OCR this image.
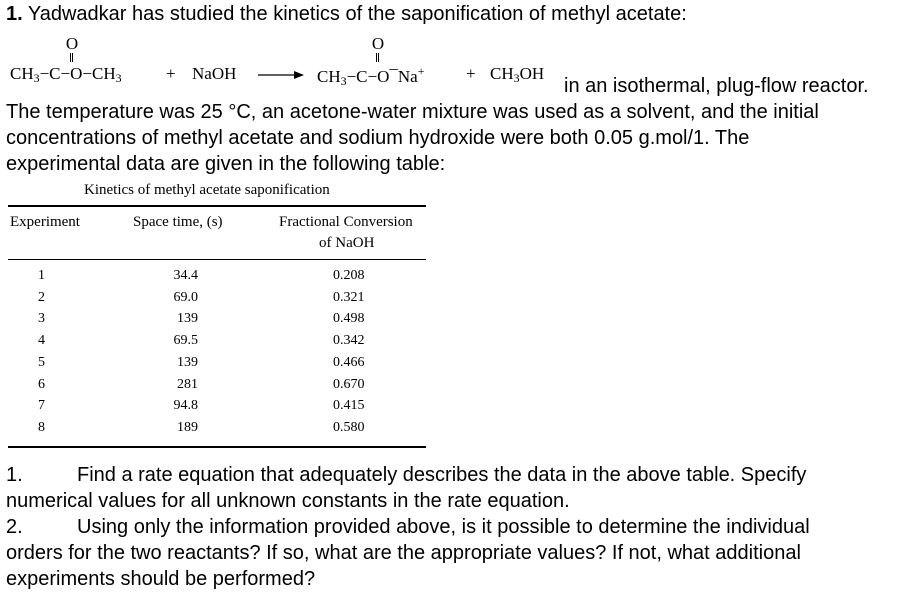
1. Yadwadkar has studied the kinetics of the saponification of methyl acetate:
O
$CH_3-C-O-CH_3$	+ NaOH →
O
$CH_3-C-O¯Na^+ + CH_3OH$
in an isothermal, plug-flow reactor.
The temperature was 25 °C, an acetone-water mixture was used as a solvent, and the initial
concentrations of methyl acetate and sodium hydroxide were both 0.05 g.mol/1. The
experimental data are given in the following table:
Kinetics of methyl acetate saponification
Experiment	Space time, (s)	Fractional Conversion
of NaOH
1	34.4	0.208
2	69.0	0.321
3	139	0.498
4	69.5	0.342
5	139	0.466
6	281	0.670
7	94.8	0.415
8	189	0.580
1.	Find a rate equation that adequately describes the data in the above table. Specify
numerical values for all unknown constants in the rate equation.
2.	Using only the information provided above, is it possible to determine the individual
orders for the two reactants? If so, what are the appropriate values? If not, what additional
experiments should be performed?
